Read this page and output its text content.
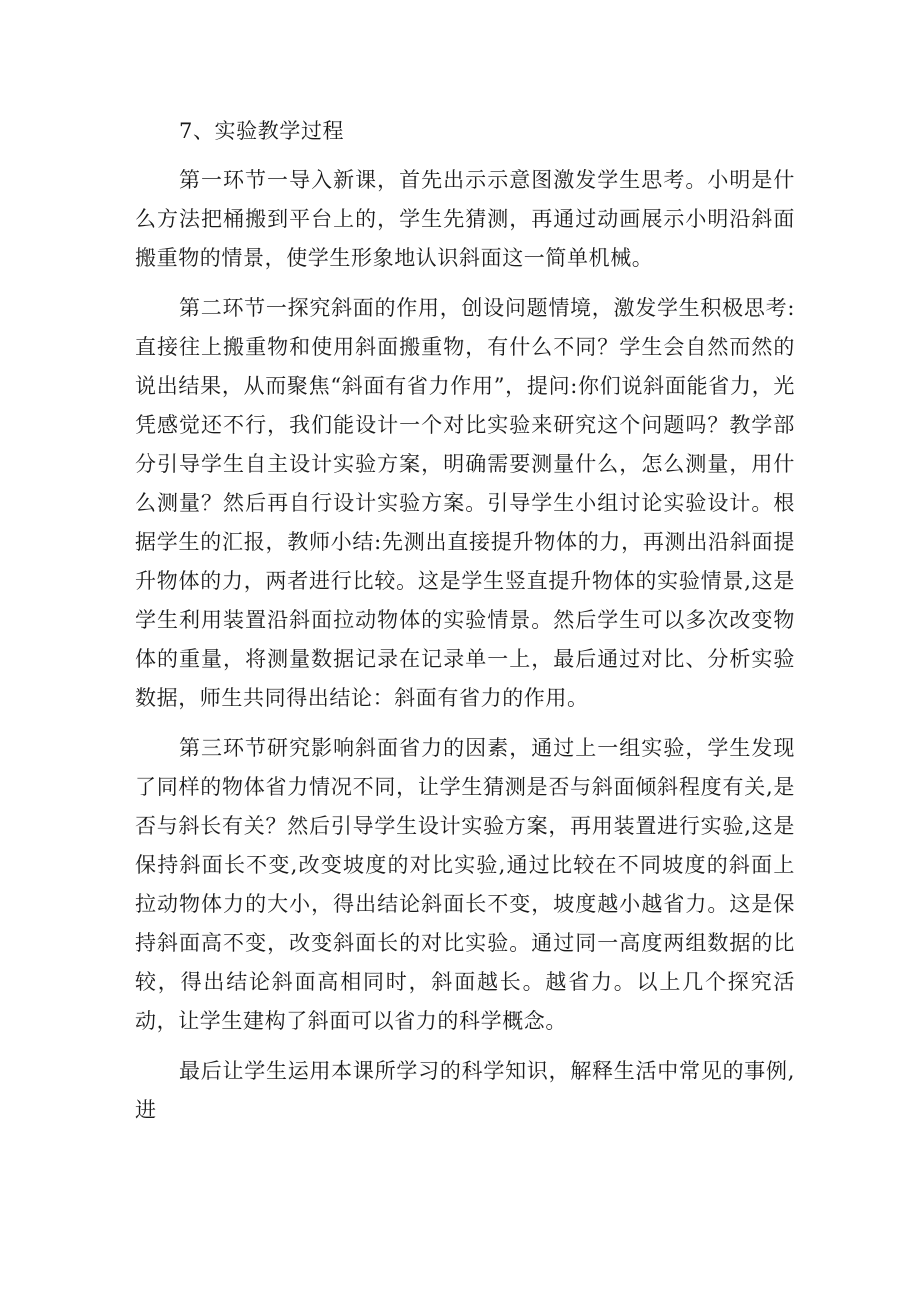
7、实验教学过程

第一环节一导入新课，首先出示示意图激发学生思考。小明是什么方法把桶搬到平台上的，学生先猜测，再通过动画展示小明沿斜面搬重物的情景，使学生形象地认识斜面这一简单机械。

第二环节一探究斜面的作用，创设问题情境，激发学生积极思考:直接往上搬重物和使用斜面搬重物，有什么不同？学生会自然而然的说出结果，从而聚焦“斜面有省力作用”，提问:你们说斜面能省力，光凭感觉还不行，我们能设计一个对比实验来研究这个问题吗？教学部分引导学生自主设计实验方案，明确需要测量什么，怎么测量，用什么测量？然后再自行设计实验方案。引导学生小组讨论实验设计。根据学生的汇报，教师小结:先测出直接提升物体的力，再测出沿斜面提升物体的力，两者进行比较。这是学生竖直提升物体的实验情景,这是学生利用装置沿斜面拉动物体的实验情景。然后学生可以多次改变物体的重量，将测量数据记录在记录单一上，最后通过对比、分析实验数据，师生共同得出结论：斜面有省力的作用。

第三环节研究影响斜面省力的因素，通过上一组实验，学生发现了同样的物体省力情况不同，让学生猜测是否与斜面倾斜程度有关,是否与斜长有关？然后引导学生设计实验方案，再用装置进行实验,这是保持斜面长不变,改变坡度的对比实验,通过比较在不同坡度的斜面上拉动物体力的大小，得出结论斜面长不变，坡度越小越省力。这是保持斜面高不变，改变斜面长的对比实验。通过同一高度两组数据的比较，得出结论斜面高相同时，斜面越长。越省力。以上几个探究活动，让学生建构了斜面可以省力的科学概念。

最后让学生运用本课所学习的科学知识，解释生活中常见的事例,进
